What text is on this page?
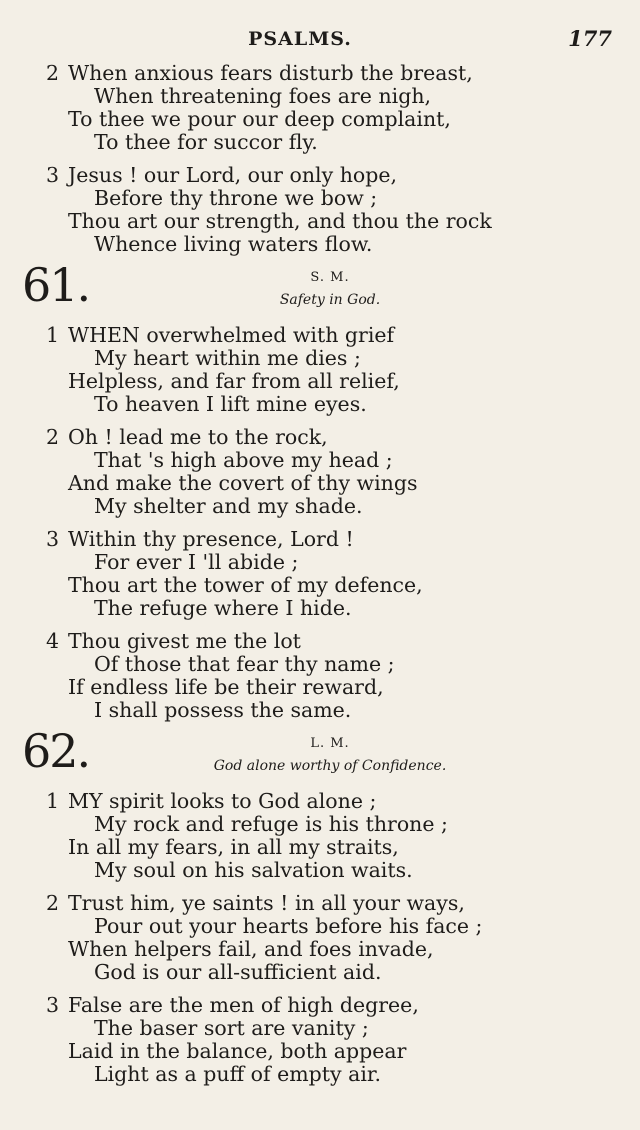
PSALMS.	177
2 When anxious fears disturb the breast,
When threatening foes are nigh,
To thee we pour our deep complaint,
To thee for succor fly.
3 Jesus ! our Lord, our only hope,
Before thy throne we bow ;
Thou art our strength, and thou the rock
Whence living waters flow.
61.	S. M.
Safety in God.
1 WHEN overwhelmed with grief
My heart within me dies ;
Helpless, and far from all relief,
To heaven I lift mine eyes.
2 Oh ! lead me to the rock,
That 's high above my head ;
And make the covert of thy wings
My shelter and my shade.
3 Within thy presence, Lord !
For ever I 'll abide ;
Thou art the tower of my defence,
The refuge where I hide.
4 Thou givest me the lot
Of those that fear thy name ;
If endless life be their reward,
I shall possess the same.
62.	L. M.
God alone worthy of Confidence.
1 MY spirit looks to God alone ;
My rock and refuge is his throne ;
In all my fears, in all my straits,
My soul on his salvation waits.
2 Trust him, ye saints ! in all your ways,
Pour out your hearts before his face ;
When helpers fail, and foes invade,
God is our all-sufficient aid.
3 False are the men of high degree,
The baser sort are vanity ;
Laid in the balance, both appear
Light as a puff of empty air.
